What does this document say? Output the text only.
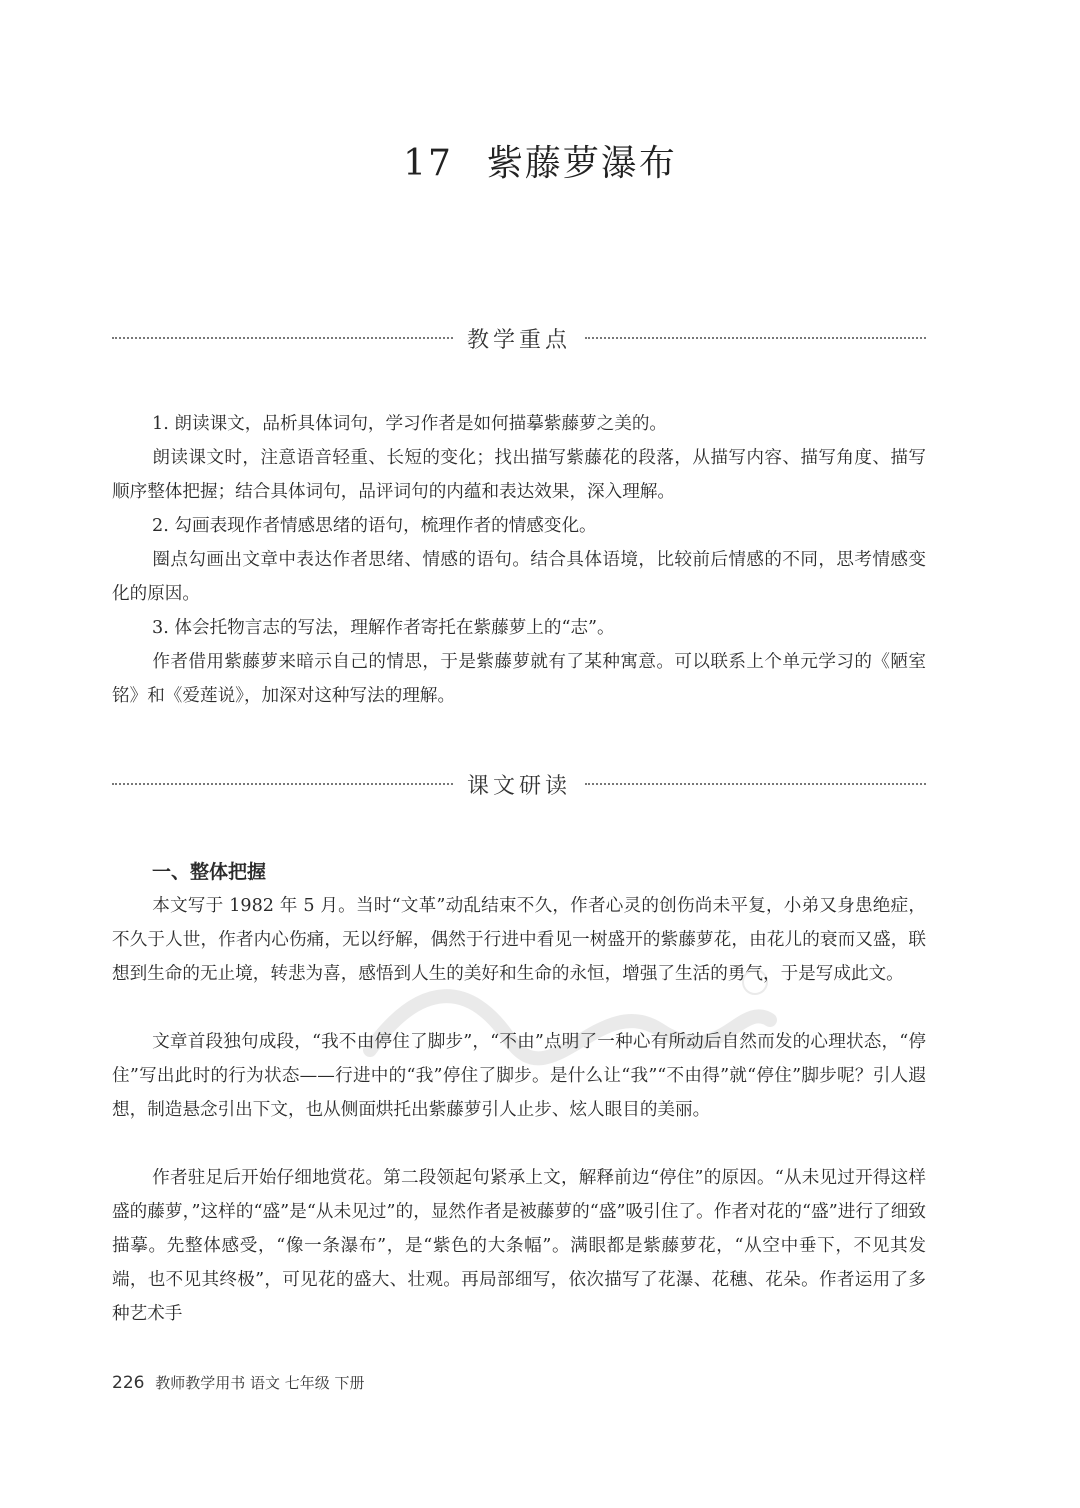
17 紫藤萝瀑布
教学重点
1. 朗读课文，品析具体词句，学习作者是如何描摹紫藤萝之美的。
朗读课文时，注意语音轻重、长短的变化；找出描写紫藤花的段落，从描写内容、描写角度、描写顺序整体把握；结合具体词句，品评词句的内蕴和表达效果，深入理解。
2. 勾画表现作者情感思绪的语句，梳理作者的情感变化。
圈点勾画出文章中表达作者思绪、情感的语句。结合具体语境，比较前后情感的不同，思考情感变化的原因。
3. 体会托物言志的写法，理解作者寄托在紫藤萝上的“志”。
作者借用紫藤萝来暗示自己的情思，于是紫藤萝就有了某种寓意。可以联系上个单元学习的《陋室铭》和《爱莲说》，加深对这种写法的理解。
课文研读
一、整体把握
本文写于 1982 年 5 月。当时“文革”动乱结束不久，作者心灵的创伤尚未平复，小弟又身患绝症，不久于人世，作者内心伤痛，无以纾解，偶然于行进中看见一树盛开的紫藤萝花，由花儿的衰而又盛，联想到生命的无止境，转悲为喜，感悟到人生的美好和生命的永恒，增强了生活的勇气，于是写成此文。
文章首段独句成段，“我不由停住了脚步”，“不由”点明了一种心有所动后自然而发的心理状态，“停住”写出此时的行为状态——行进中的“我”停住了脚步。是什么让“我”“不由得”就“停住”脚步呢？引人遐想，制造悬念引出下文，也从侧面烘托出紫藤萝引人止步、炫人眼目的美丽。
作者驻足后开始仔细地赏花。第二段领起句紧承上文，解释前边“停住”的原因。“从未见过开得这样盛的藤萝，”这样的“盛”是“从未见过”的，显然作者是被藤萝的“盛”吸引住了。作者对花的“盛”进行了细致描摹。先整体感受，“像一条瀑布”，是“紫色的大条幅”。满眼都是紫藤萝花，“从空中垂下，不见其发端，也不见其终极”，可见花的盛大、壮观。再局部细写，依次描写了花瀑、花穗、花朵。作者运用了多种艺术手
226 教师教学用书 语文 七年级 下册
